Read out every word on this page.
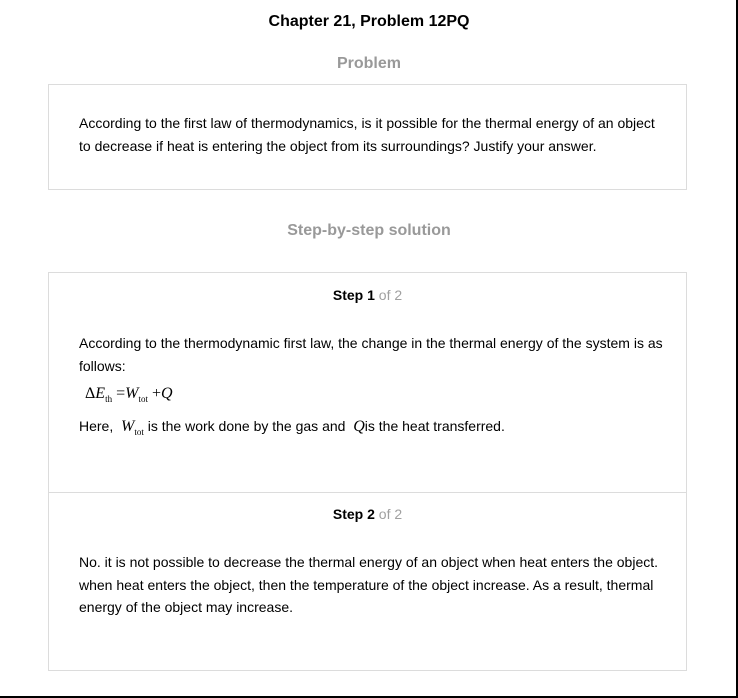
Chapter 21, Problem 12PQ
Problem
According to the first law of thermodynamics, is it possible for the thermal energy of an object to decrease if heat is entering the object from its surroundings? Justify your answer.
Step-by-step solution
Step 1 of 2
According to the thermodynamic first law, the change in the thermal energy of the system is as follows:
$\Delta E_{th} =W_{tot} +Q$
Here, $W_{tot}$ is the work done by the gas and Qis the heat transferred.
Step 2 of 2
No. it is not possible to decrease the thermal energy of an object when heat enters the object. when heat enters the object, then the temperature of the object increase. As a result, thermal energy of the object may increase.
